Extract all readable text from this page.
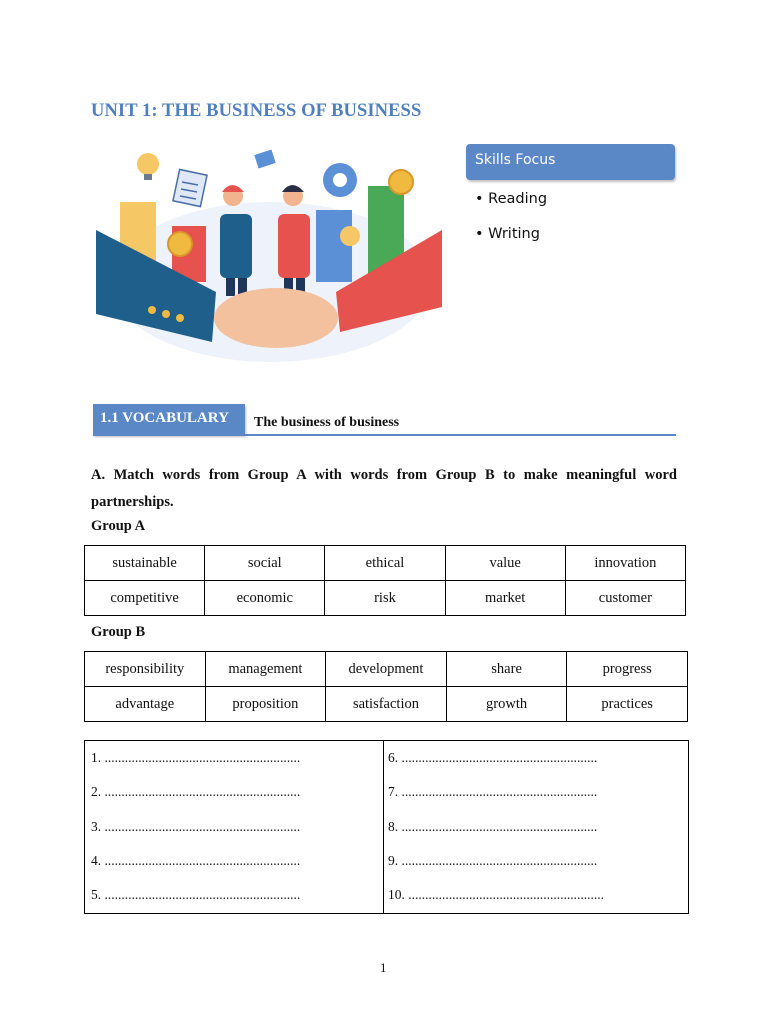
UNIT 1: THE BUSINESS OF BUSINESS
Skills Focus
• Reading
• Writing
1.1 VOCABULARY The business of business
A. Match words from Group A with words from Group B to make meaningful word partnerships.
Group A
sustainable	social	ethical	value	innovation
competitive	economic	risk	market	customer
Group B
responsibility	management	development	share	progress
advantage	proposition	satisfaction	growth	practices
1. ..........................................................
2. ..........................................................
3. ..........................................................
4. ..........................................................
5. ..........................................................
6. ..........................................................
7. ..........................................................
8. ..........................................................
9. ..........................................................
10. ..........................................................
1
